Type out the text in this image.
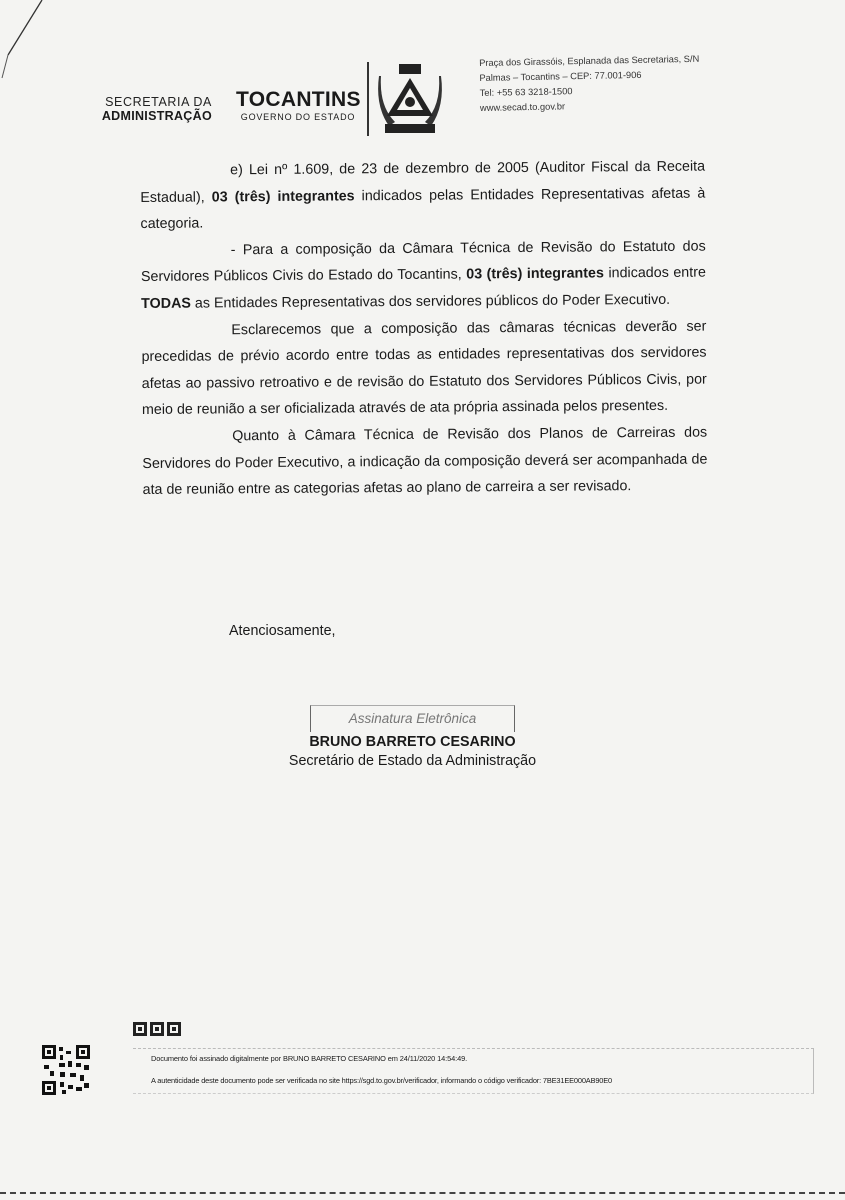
SECRETARIA DA
ADMINISTRAÇÃO
TOCANTINS
GOVERNO DO ESTADO
Praça dos Girassóis, Esplanada das Secretarias, S/N
Palmas – Tocantins – CEP: 77.001-906
Tel: +55 63 3218-1500
www.secad.to.gov.br

e) Lei nº 1.609, de 23 de dezembro de 2005 (Auditor Fiscal da Receita Estadual), 03 (três) integrantes indicados pelas Entidades Representativas afetas à categoria.

- Para a composição da Câmara Técnica de Revisão do Estatuto dos Servidores Públicos Civis do Estado do Tocantins, 03 (três) integrantes indicados entre TODAS as Entidades Representativas dos servidores públicos do Poder Executivo.

Esclarecemos que a composição das câmaras técnicas deverão ser precedidas de prévio acordo entre todas as entidades representativas dos servidores afetas ao passivo retroativo e de revisão do Estatuto dos Servidores Públicos Civis, por meio de reunião a ser oficializada através de ata própria assinada pelos presentes.

Quanto à Câmara Técnica de Revisão dos Planos de Carreiras dos Servidores do Poder Executivo, a indicação da composição deverá ser acompanhada de ata de reunião entre as categorias afetas ao plano de carreira a ser revisado.

Atenciosamente,
Assinatura Eletrônica
BRUNO BARRETO CESARINO
Secretário de Estado da Administração
Documento foi assinado digitalmente por BRUNO BARRETO CESARINO em 24/11/2020 14:54:49.
A autenticidade deste documento pode ser verificada no site https://sgd.to.gov.br/verificador, informando o código verificador: 7BE31EE000AB90E0
